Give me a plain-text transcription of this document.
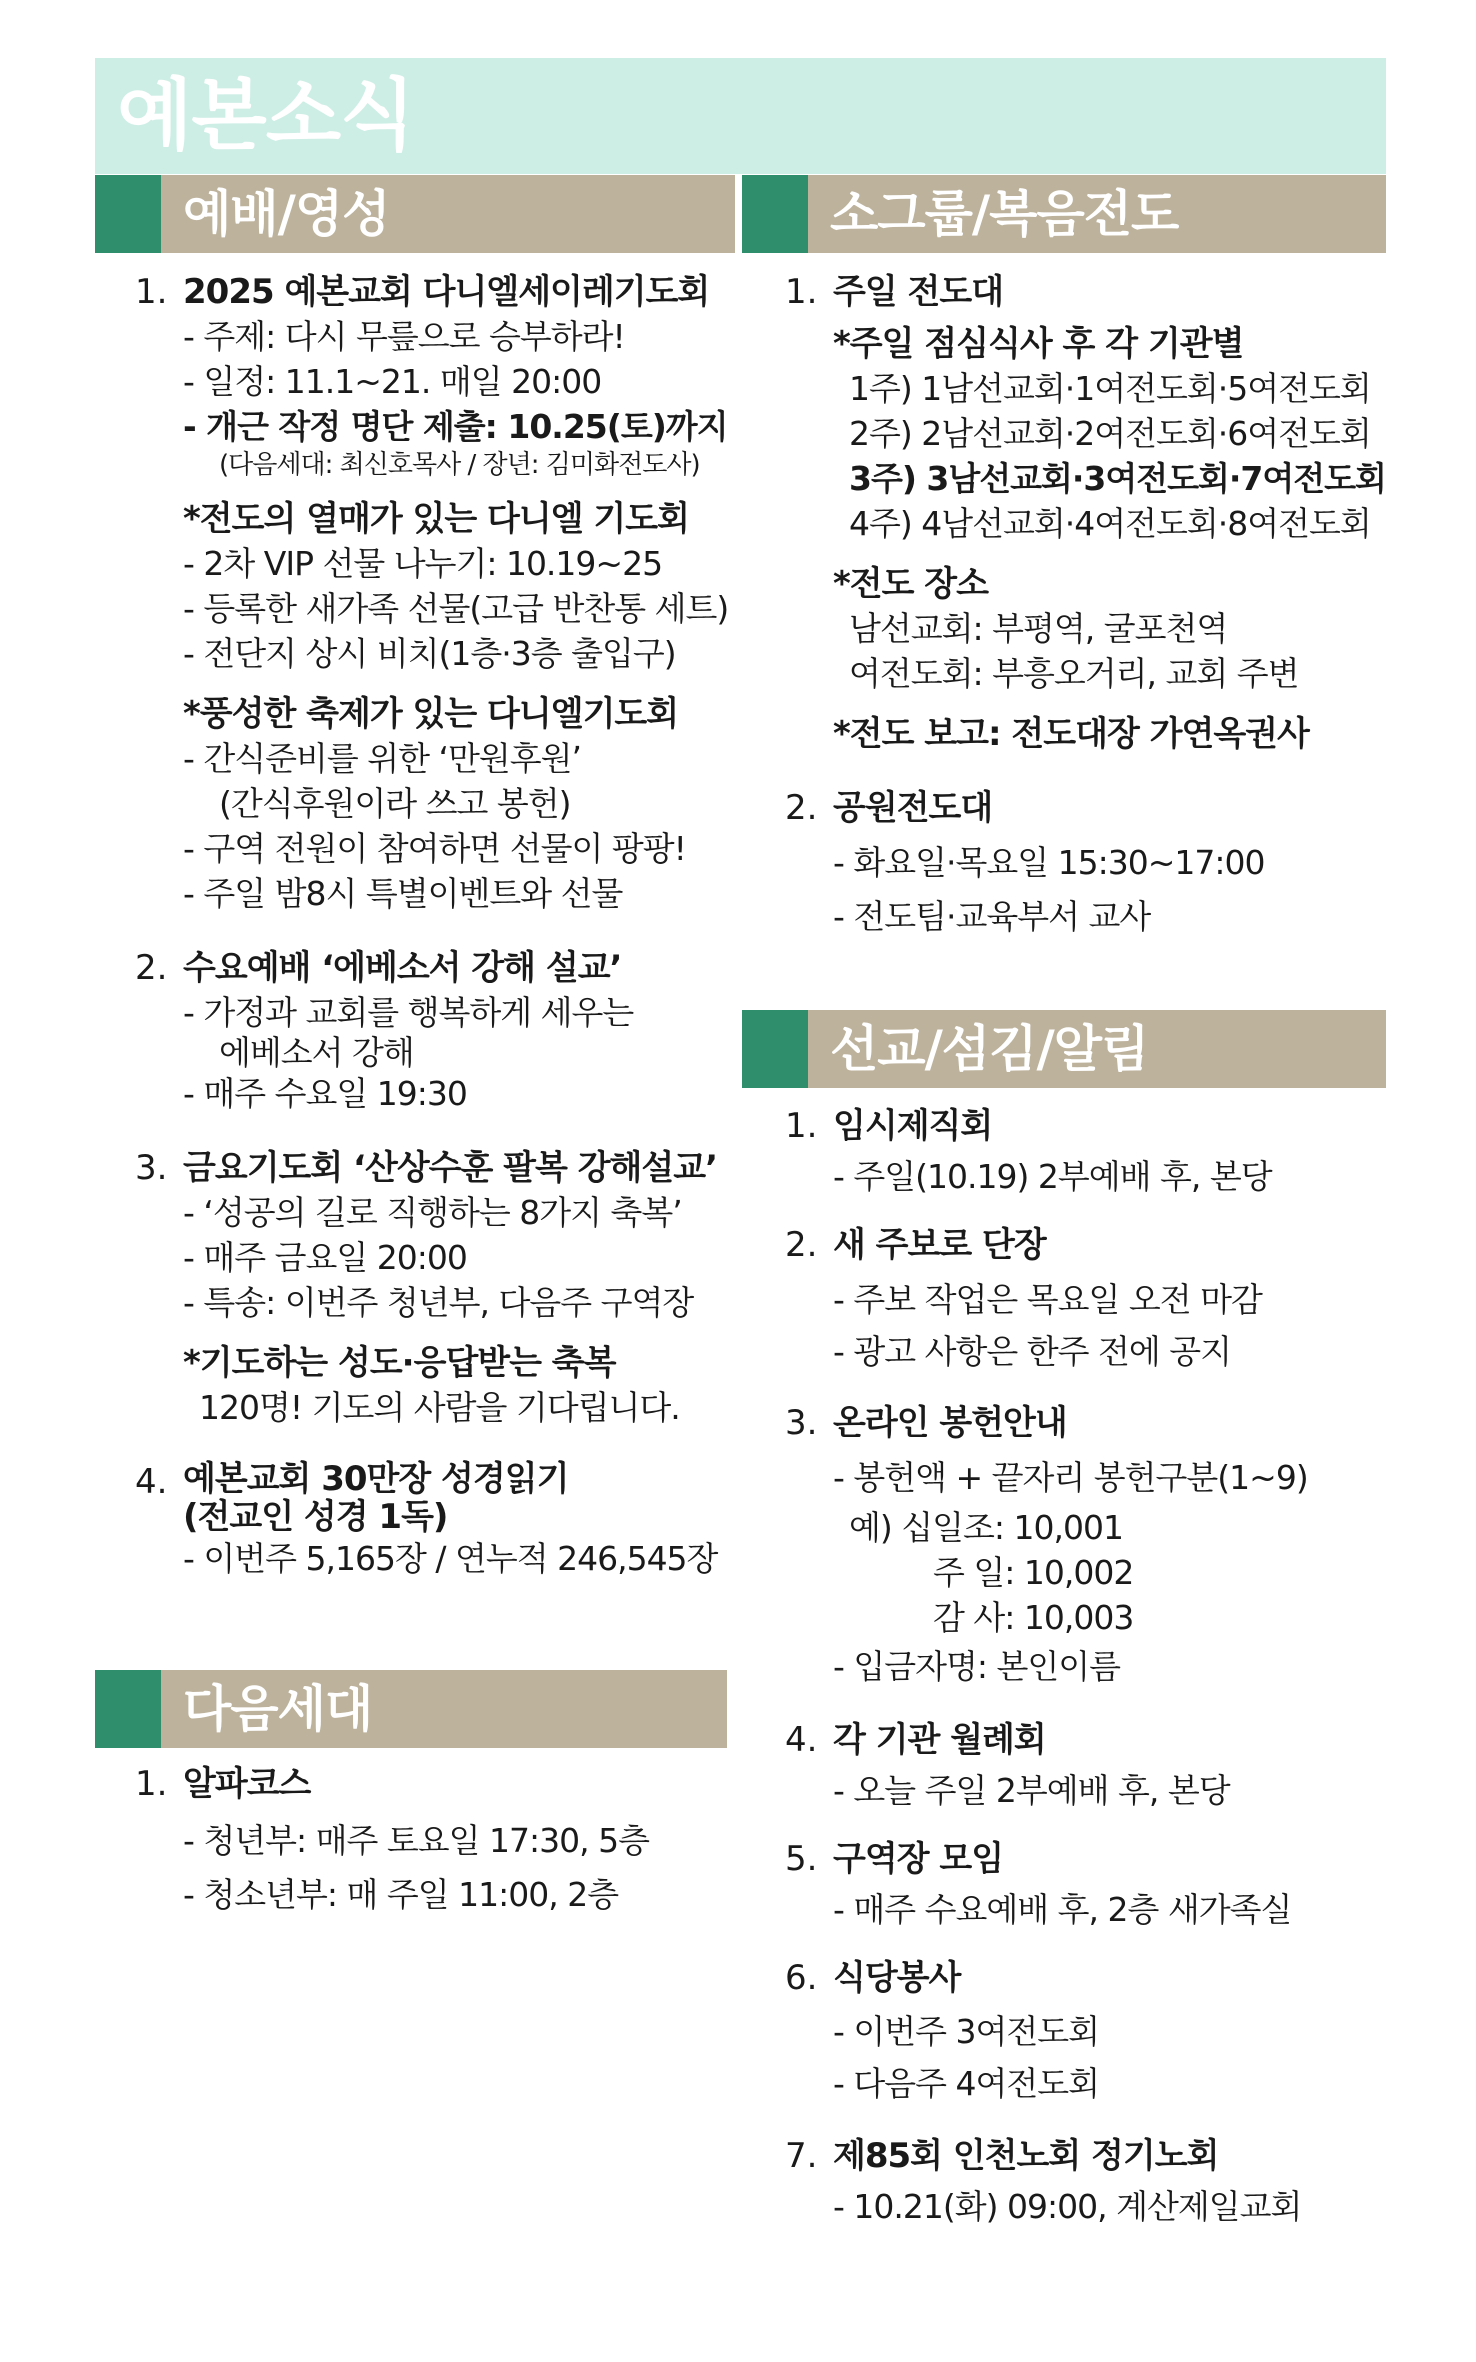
예본소식
예배/영성	소그룹/복음전도
선교/섬김/알림
다음세대
1. 2025 예본교회 다니엘세이레기도회
- 주제: 다시 무릎으로 승부하라!
- 일정: 11.1~21. 매일 20:00
- 개근 작정 명단 제출: 10.25(토)까지
(다음세대: 최신호목사 / 장년: 김미화전도사)
*전도의 열매가 있는 다니엘 기도회
- 2차 VIP 선물 나누기: 10.19~25
- 등록한 새가족 선물(고급 반찬통 세트)
- 전단지 상시 비치(1층·3층 출입구)
*풍성한 축제가 있는 다니엘기도회
- 간식준비를 위한 ‘만원후원’
(간식후원이라 쓰고 봉헌)
- 구역 전원이 참여하면 선물이 팡팡!
- 주일 밤8시 특별이벤트와 선물
2. 수요예배 ‘에베소서 강해 설교’
- 가정과 교회를 행복하게 세우는
에베소서 강해
- 매주 수요일 19:30
3. 금요기도회 ‘산상수훈 팔복 강해설교’
- ‘성공의 길로 직행하는 8가지 축복’
- 매주 금요일 20:00
- 특송: 이번주 청년부, 다음주 구역장
*기도하는 성도·응답받는 축복
120명! 기도의 사람을 기다립니다.
4. 예본교회 30만장 성경읽기
(전교인 성경 1독)
- 이번주 5,165장 / 연누적 246,545장
1. 알파코스
- 청년부: 매주 토요일 17:30, 5층
- 청소년부: 매 주일 11:00, 2층
1. 주일 전도대
*주일 점심식사 후 각 기관별
1주) 1남선교회·1여전도회·5여전도회
2주) 2남선교회·2여전도회·6여전도회
3주) 3남선교회·3여전도회·7여전도회
4주) 4남선교회·4여전도회·8여전도회
*전도 장소
남선교회: 부평역, 굴포천역
여전도회: 부흥오거리, 교회 주변
*전도 보고: 전도대장 가연옥권사
2. 공원전도대
- 화요일·목요일 15:30~17:00
- 전도팀·교육부서 교사
1. 임시제직회
- 주일(10.19) 2부예배 후, 본당
2. 새 주보로 단장
- 주보 작업은 목요일 오전 마감
- 광고 사항은 한주 전에 공지
3. 온라인 봉헌안내
- 봉헌액 + 끝자리 봉헌구분(1~9)
예) 십일조: 10,001
주 일: 10,002
감 사: 10,003
- 입금자명: 본인이름
4. 각 기관 월례회
- 오늘 주일 2부예배 후, 본당
5. 구역장 모임
- 매주 수요예배 후, 2층 새가족실
6. 식당봉사
- 이번주 3여전도회
- 다음주 4여전도회
7. 제85회 인천노회 정기노회
- 10.21(화) 09:00, 계산제일교회
